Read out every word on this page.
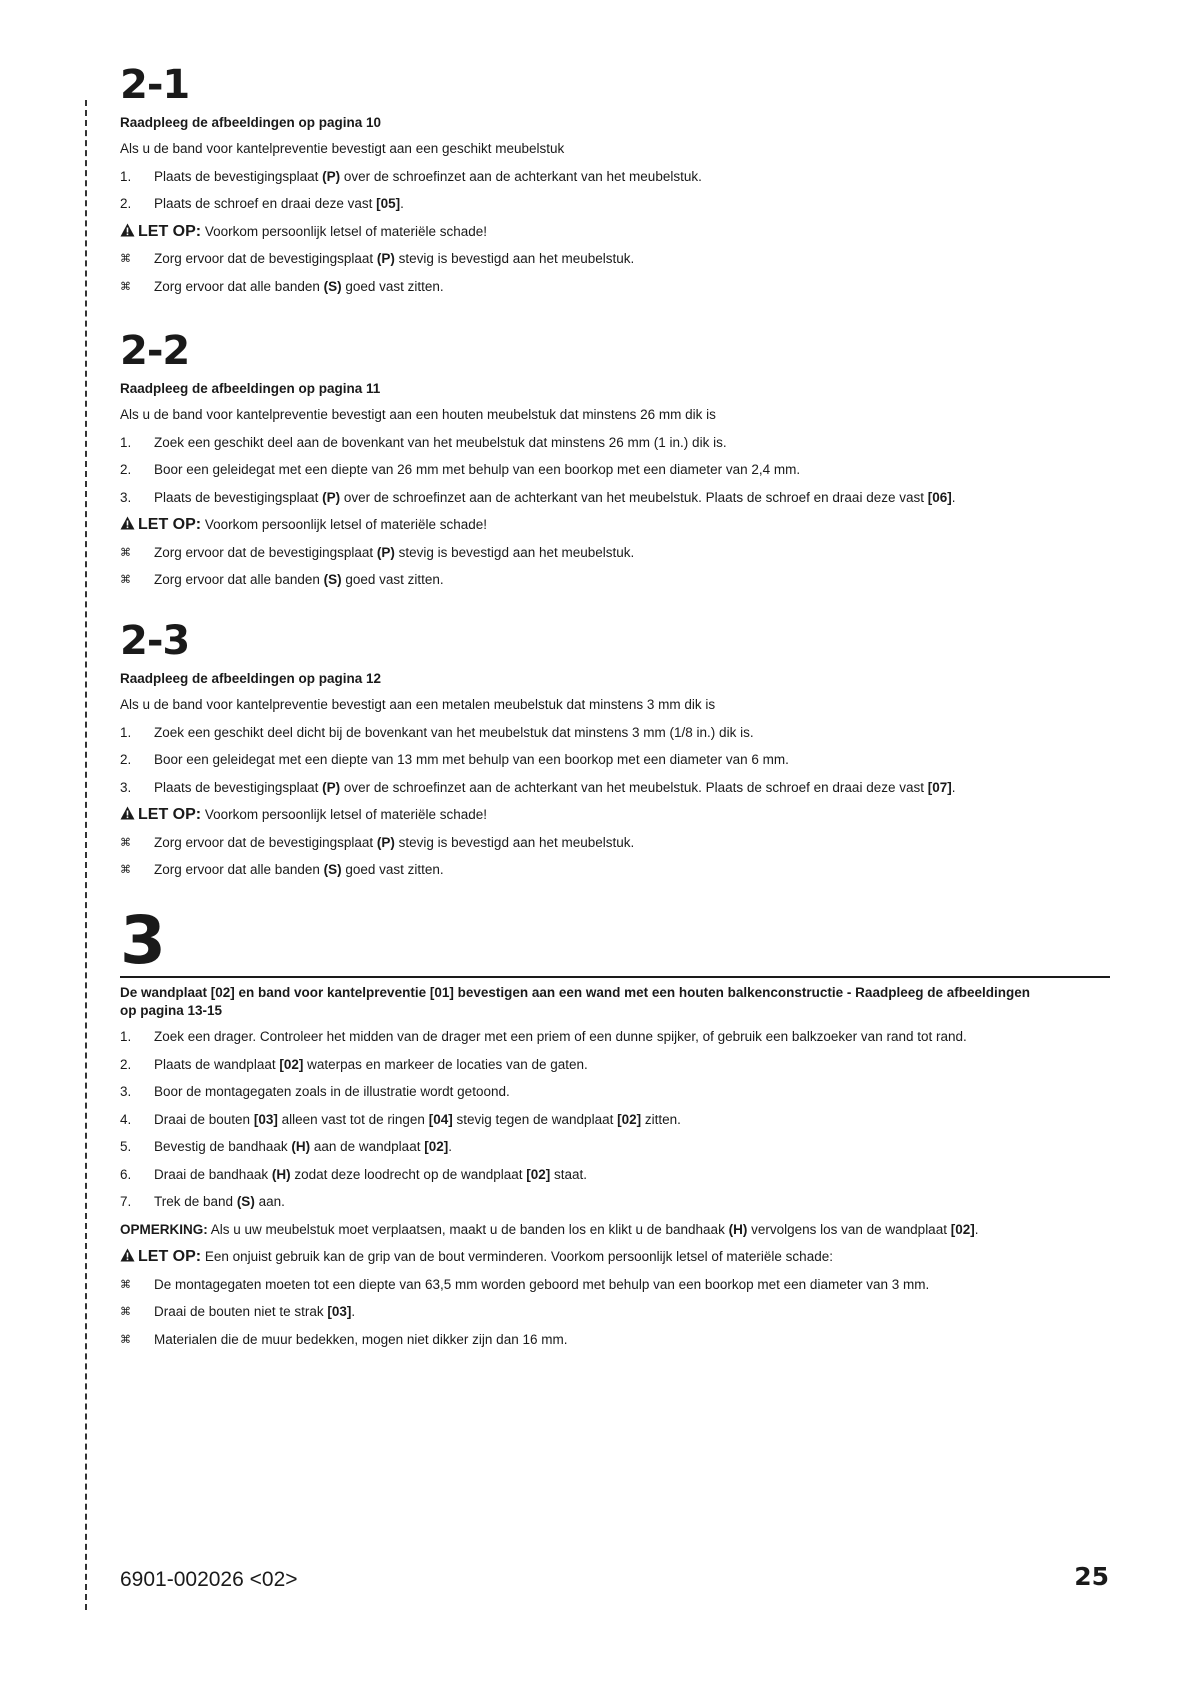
2-1
Raadpleeg de afbeeldingen op pagina 10
Als u de band voor kantelpreventie bevestigt aan een geschikt meubelstuk
1. Plaats de bevestigingsplaat (P) over de schroefinzet aan de achterkant van het meubelstuk.
2. Plaats de schroef en draai deze vast [05].
LET OP: Voorkom persoonlijk letsel of materiële schade!
⌘ Zorg ervoor dat de bevestigingsplaat (P) stevig is bevestigd aan het meubelstuk.
⌘ Zorg ervoor dat alle banden (S) goed vast zitten.
2-2
Raadpleeg de afbeeldingen op pagina 11
Als u de band voor kantelpreventie bevestigt aan een houten meubelstuk dat minstens 26 mm dik is
1. Zoek een geschikt deel aan de bovenkant van het meubelstuk dat minstens 26 mm (1 in.) dik is.
2. Boor een geleidegat met een diepte van 26 mm met behulp van een boorkop met een diameter van 2,4 mm.
3. Plaats de bevestigingsplaat (P) over de schroefinzet aan de achterkant van het meubelstuk. Plaats de schroef en draai deze vast [06].
LET OP: Voorkom persoonlijk letsel of materiële schade!
⌘ Zorg ervoor dat de bevestigingsplaat (P) stevig is bevestigd aan het meubelstuk.
⌘ Zorg ervoor dat alle banden (S) goed vast zitten.
2-3
Raadpleeg de afbeeldingen op pagina 12
Als u de band voor kantelpreventie bevestigt aan een metalen meubelstuk dat minstens 3 mm dik is
1. Zoek een geschikt deel dicht bij de bovenkant van het meubelstuk dat minstens 3 mm (1/8 in.) dik is.
2. Boor een geleidegat met een diepte van 13 mm met behulp van een boorkop met een diameter van 6 mm.
3. Plaats de bevestigingsplaat (P) over de schroefinzet aan de achterkant van het meubelstuk. Plaats de schroef en draai deze vast [07].
LET OP: Voorkom persoonlijk letsel of materiële schade!
⌘ Zorg ervoor dat de bevestigingsplaat (P) stevig is bevestigd aan het meubelstuk.
⌘ Zorg ervoor dat alle banden (S) goed vast zitten.
3
De wandplaat [02] en band voor kantelpreventie [01] bevestigen aan een wand met een houten balkenconstructie - Raadpleeg de afbeeldingen
op pagina 13-15
1. Zoek een drager. Controleer het midden van de drager met een priem of een dunne spijker, of gebruik een balkzoeker van rand tot rand.
2. Plaats de wandplaat [02] waterpas en markeer de locaties van de gaten.
3. Boor de montagegaten zoals in de illustratie wordt getoond.
4. Draai de bouten [03] alleen vast tot de ringen [04] stevig tegen de wandplaat [02] zitten.
5. Bevestig de bandhaak (H) aan de wandplaat [02].
6. Draai de bandhaak (H) zodat deze loodrecht op de wandplaat [02] staat.
7. Trek de band (S) aan.
OPMERKING: Als u uw meubelstuk moet verplaatsen, maakt u de banden los en klikt u de bandhaak (H) vervolgens los van de wandplaat [02].
LET OP: Een onjuist gebruik kan de grip van de bout verminderen. Voorkom persoonlijk letsel of materiële schade:
⌘ De montagegaten moeten tot een diepte van 63,5 mm worden geboord met behulp van een boorkop met een diameter van 3 mm.
⌘ Draai de bouten niet te strak [03].
⌘ Materialen die de muur bedekken, mogen niet dikker zijn dan 16 mm.
6901-002026 <02>	25
